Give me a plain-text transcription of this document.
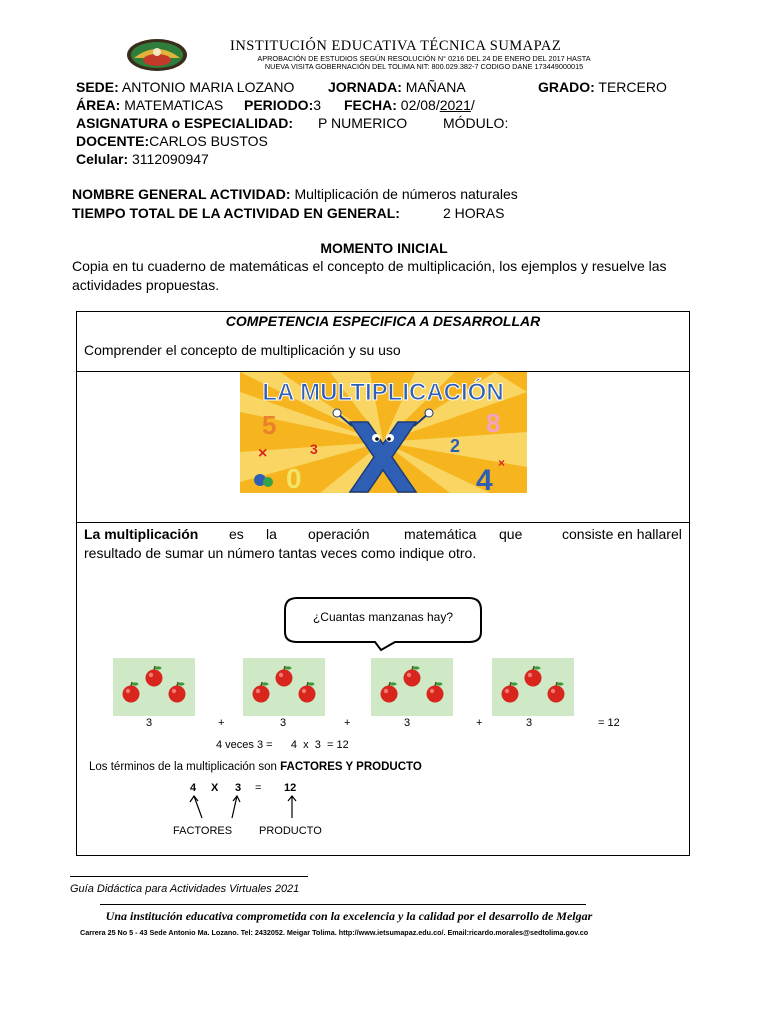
INSTITUCIÓN EDUCATIVA TÉCNICA SUMAPAZ
APROBACIÓN DE ESTUDIOS SEGÚN RESOLUCIÓN N° 0216 DEL 24 DE ENERO DEL 2017 HASTA
NUEVA VISITA GOBERNACIÓN DEL TOLIMA NIT: 800.029.382-7 CODIGO DANE 173449000015
SEDE: ANTONIO MARIA LOZANO JORNADA: MAÑANA	GRADO: TERCERO
ÁREA: MATEMATICAS PERIODO:3 FECHA: 02/08/2021/
ASIGNATURA o ESPECIALIDAD: P NUMERICO	MÓDULO:
DOCENTE:CARLOS BUSTOS
Celular: 3112090947
NOMBRE GENERAL ACTIVIDAD: Multiplicación de números naturales
TIEMPO TOTAL DE LA ACTIVIDAD EN GENERAL:	2 HORAS
MOMENTO INICIAL
Copia en tu cuaderno de matemáticas el concepto de multiplicación, los ejemplos y resuelve las
actividades propuestas.
COMPETENCIA ESPECIFICA A DESARROLLAR
Comprender el concepto de multiplicación y su uso
LA MULTIPLICACIÓN
5
3	2
8
4
0
×
×
La multiplicación es la operación matemática que	consiste en hallar el
resultado de sumar un número tantas veces como indique otro.
¿Cuantas manzanas hay?
3	+	3	+	3	+	3	= 12
4 veces 3 =      4  x  3  = 12
Los términos de la multiplicación son FACTORES Y PRODUCTO
4 X 3 = 12
FACTORES PRODUCTO
Guía Didáctica para Actividades Virtuales 2021
Una institución educativa comprometida con la excelencia y la calidad por el desarrollo de Melgar
Carrera 25 No 5 - 43 Sede Antonio Ma. Lozano. Tel: 2432052. Meigar Tolima. http://www.ietsumapaz.edu.co/. Email:ricardo.morales@sedtolima.gov.co
